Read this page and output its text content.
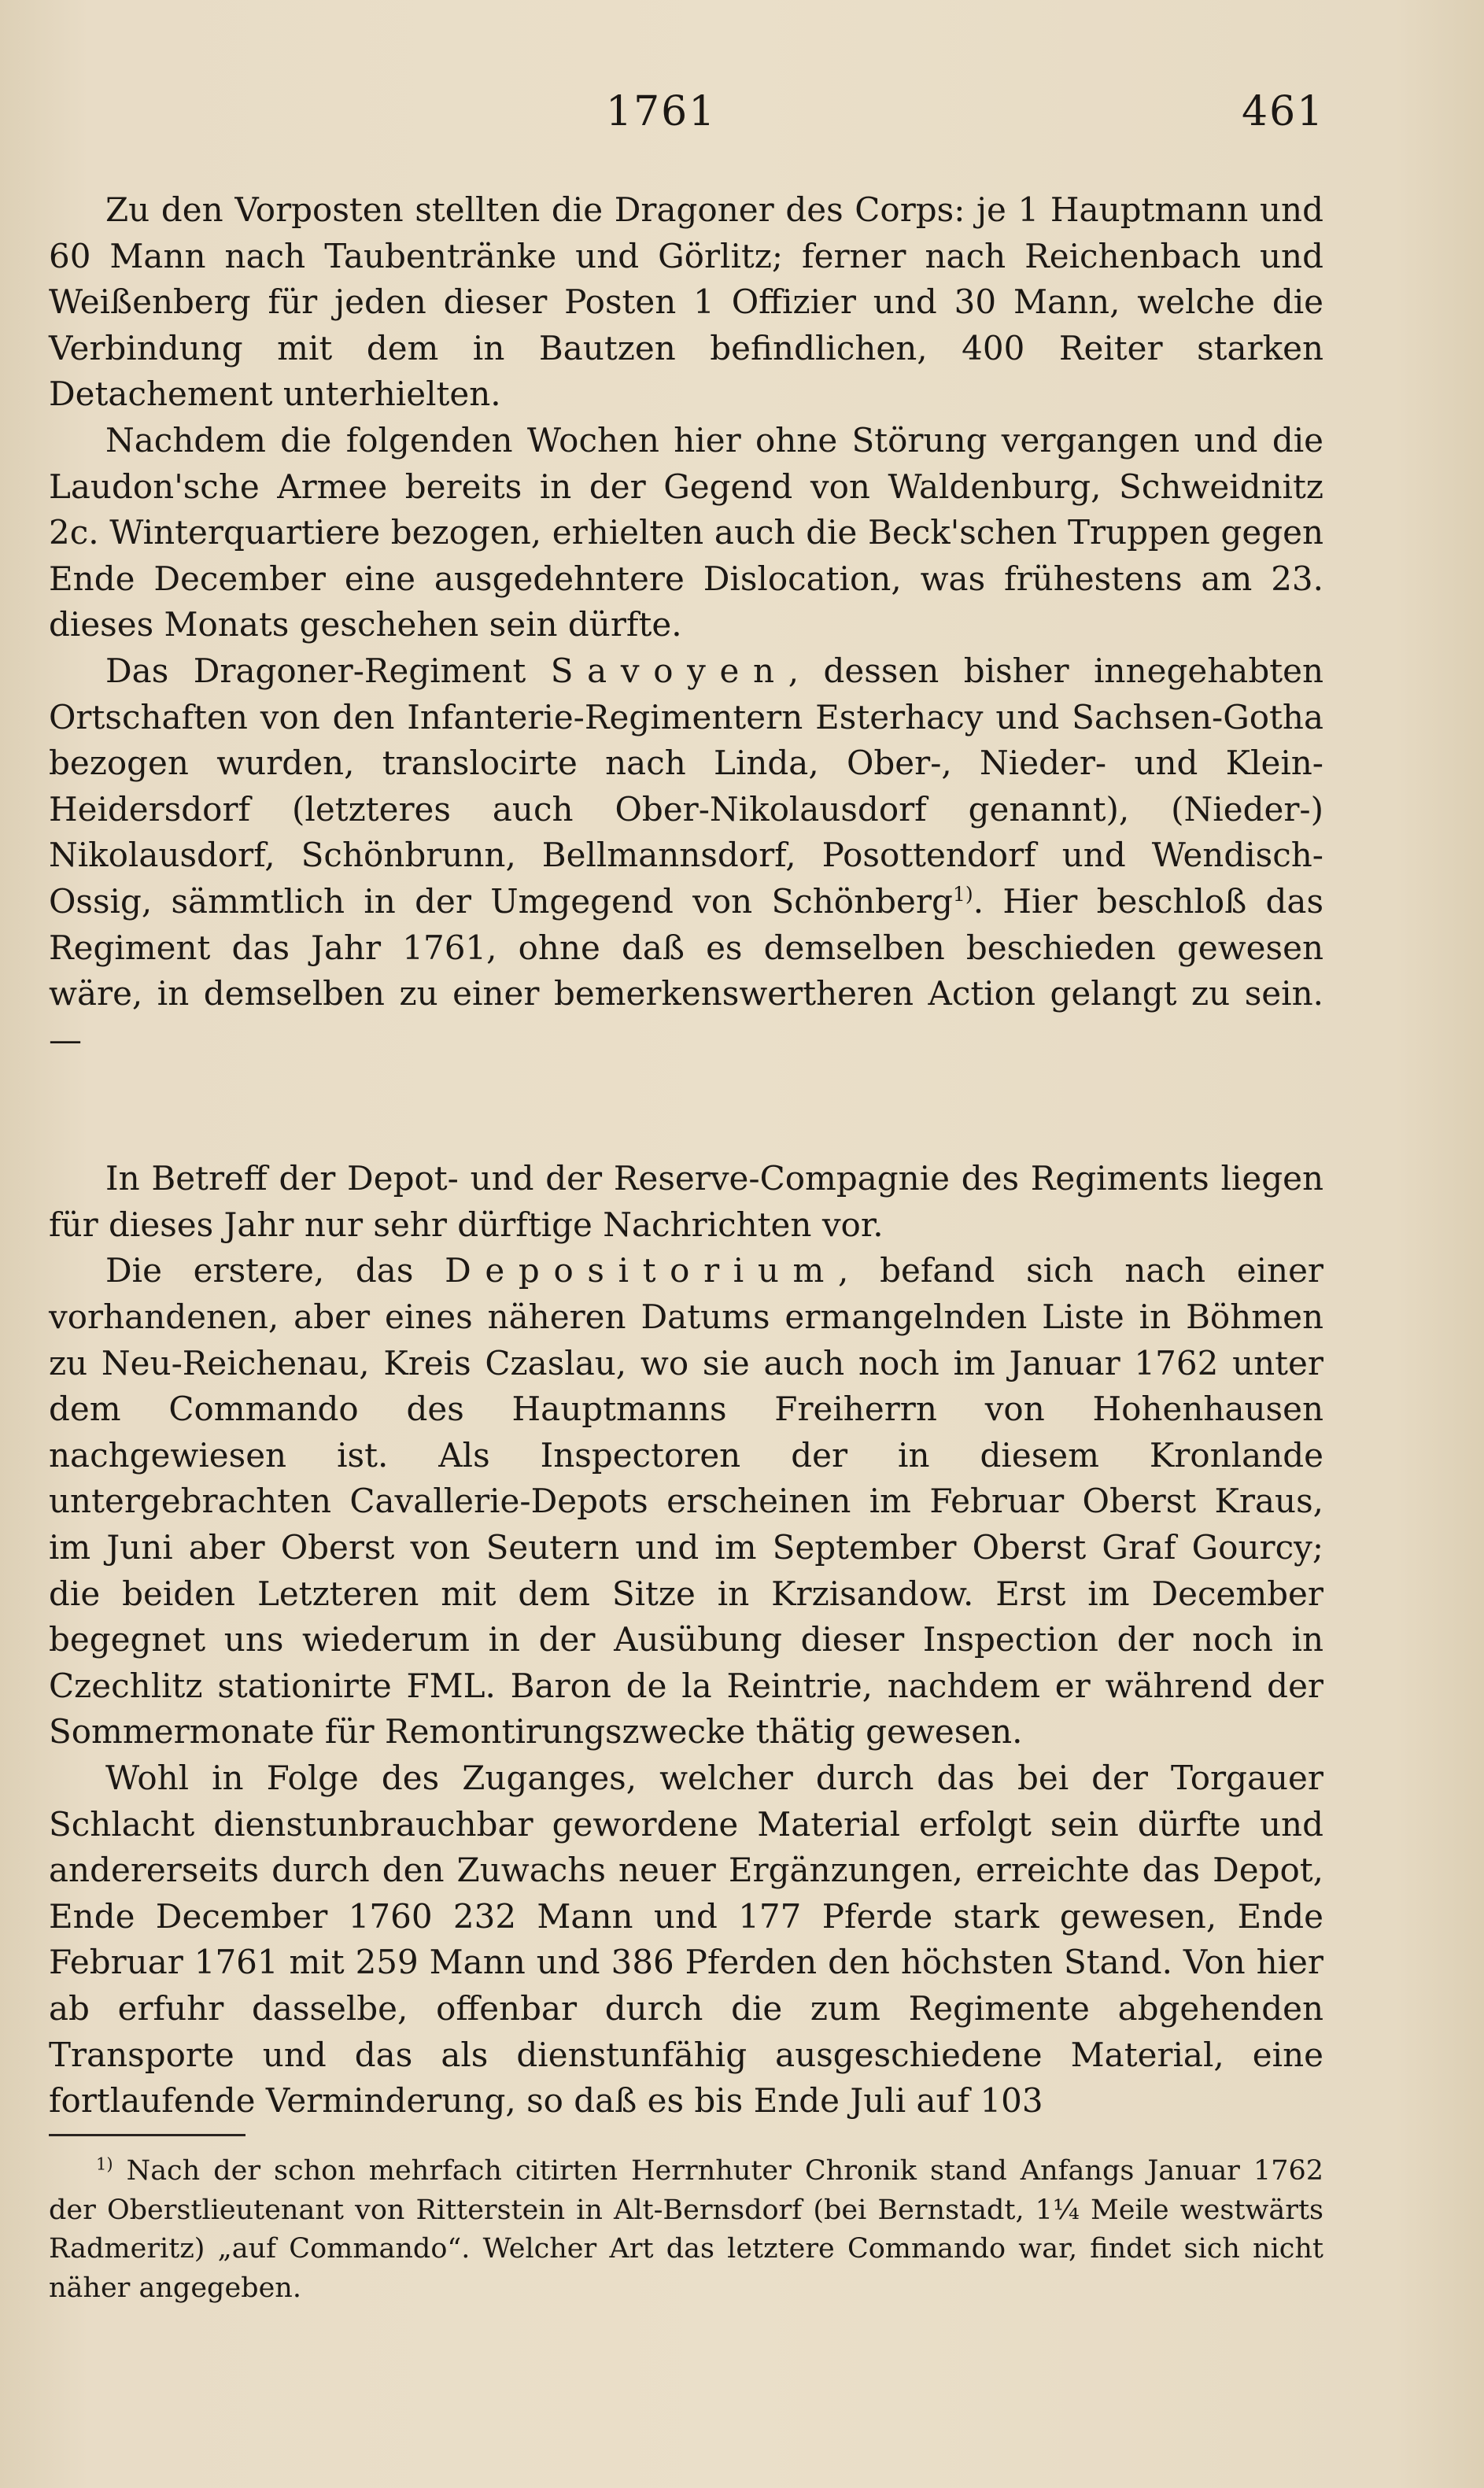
1761	461

Zu den Vorposten stellten die Dragoner des Corps: je 1 Hauptmann und 60 Mann nach Taubentränke und Görlitz; ferner nach Reichenbach und Weißenberg für jeden dieser Posten 1 Offizier und 30 Mann, welche die Verbindung mit dem in Bautzen befindlichen, 400 Reiter starken Detachement unterhielten.

Nachdem die folgenden Wochen hier ohne Störung vergangen und die Laudon'sche Armee bereits in der Gegend von Waldenburg, Schweidnitz 2c. Winterquartiere bezogen, erhielten auch die Beck'schen Truppen gegen Ende December eine ausgedehntere Dislocation, was frühestens am 23. dieses Monats geschehen sein dürfte.

Das Dragoner-Regiment Savoyen, dessen bisher innegehabten Ortschaften von den Infanterie-Regimentern Esterhacy und Sachsen-Gotha bezogen wurden, translocirte nach Linda, Ober-, Nieder- und Klein-Heidersdorf (letzteres auch Ober-Nikolausdorf genannt), (Nieder-) Nikolausdorf, Schönbrunn, Bellmannsdorf, Posottendorf und Wendisch-Ossig, sämmtlich in der Umgegend von Schönberg$^{1)}$. Hier beschloß das Regiment das Jahr 1761, ohne daß es demselben beschieden gewesen wäre, in demselben zu einer bemerkenswertheren Action gelangt zu sein. —

In Betreff der Depot- und der Reserve-Compagnie des Regiments liegen für dieses Jahr nur sehr dürftige Nachrichten vor.

Die erstere, das Depositorium, befand sich nach einer vorhandenen, aber eines näheren Datums ermangelnden Liste in Böhmen zu Neu-Reichenau, Kreis Czaslau, wo sie auch noch im Januar 1762 unter dem Commando des Hauptmanns Freiherrn von Hohenhausen nachgewiesen ist. Als Inspectoren der in diesem Kronlande untergebrachten Cavallerie-Depots erscheinen im Februar Oberst Kraus, im Juni aber Oberst von Seutern und im September Oberst Graf Gourcy; die beiden Letzteren mit dem Sitze in Krzisandow. Erst im December begegnet uns wiederum in der Ausübung dieser Inspection der noch in Czechlitz stationirte FML. Baron de la Reintrie, nachdem er während der Sommermonate für Remontirungszwecke thätig gewesen.

Wohl in Folge des Zuganges, welcher durch das bei der Torgauer Schlacht dienstunbrauchbar gewordene Material erfolgt sein dürfte und andererseits durch den Zuwachs neuer Ergänzungen, erreichte das Depot, Ende December 1760 232 Mann und 177 Pferde stark gewesen, Ende Februar 1761 mit 259 Mann und 386 Pferden den höchsten Stand. Von hier ab erfuhr dasselbe, offenbar durch die zum Regimente abgehenden Transporte und das als dienstunfähig ausgeschiedene Material, eine fortlaufende Verminderung, so daß es bis Ende Juli auf 103

$^{1)}$ Nach der schon mehrfach citirten Herrnhuter Chronik stand Anfangs Januar 1762 der Oberstlieutenant von Ritterstein in Alt-Bernsdorf (bei Bernstadt, 1¼ Meile westwärts Radmeritz) „auf Commando“. Welcher Art das letztere Commando war, findet sich nicht näher angegeben.
